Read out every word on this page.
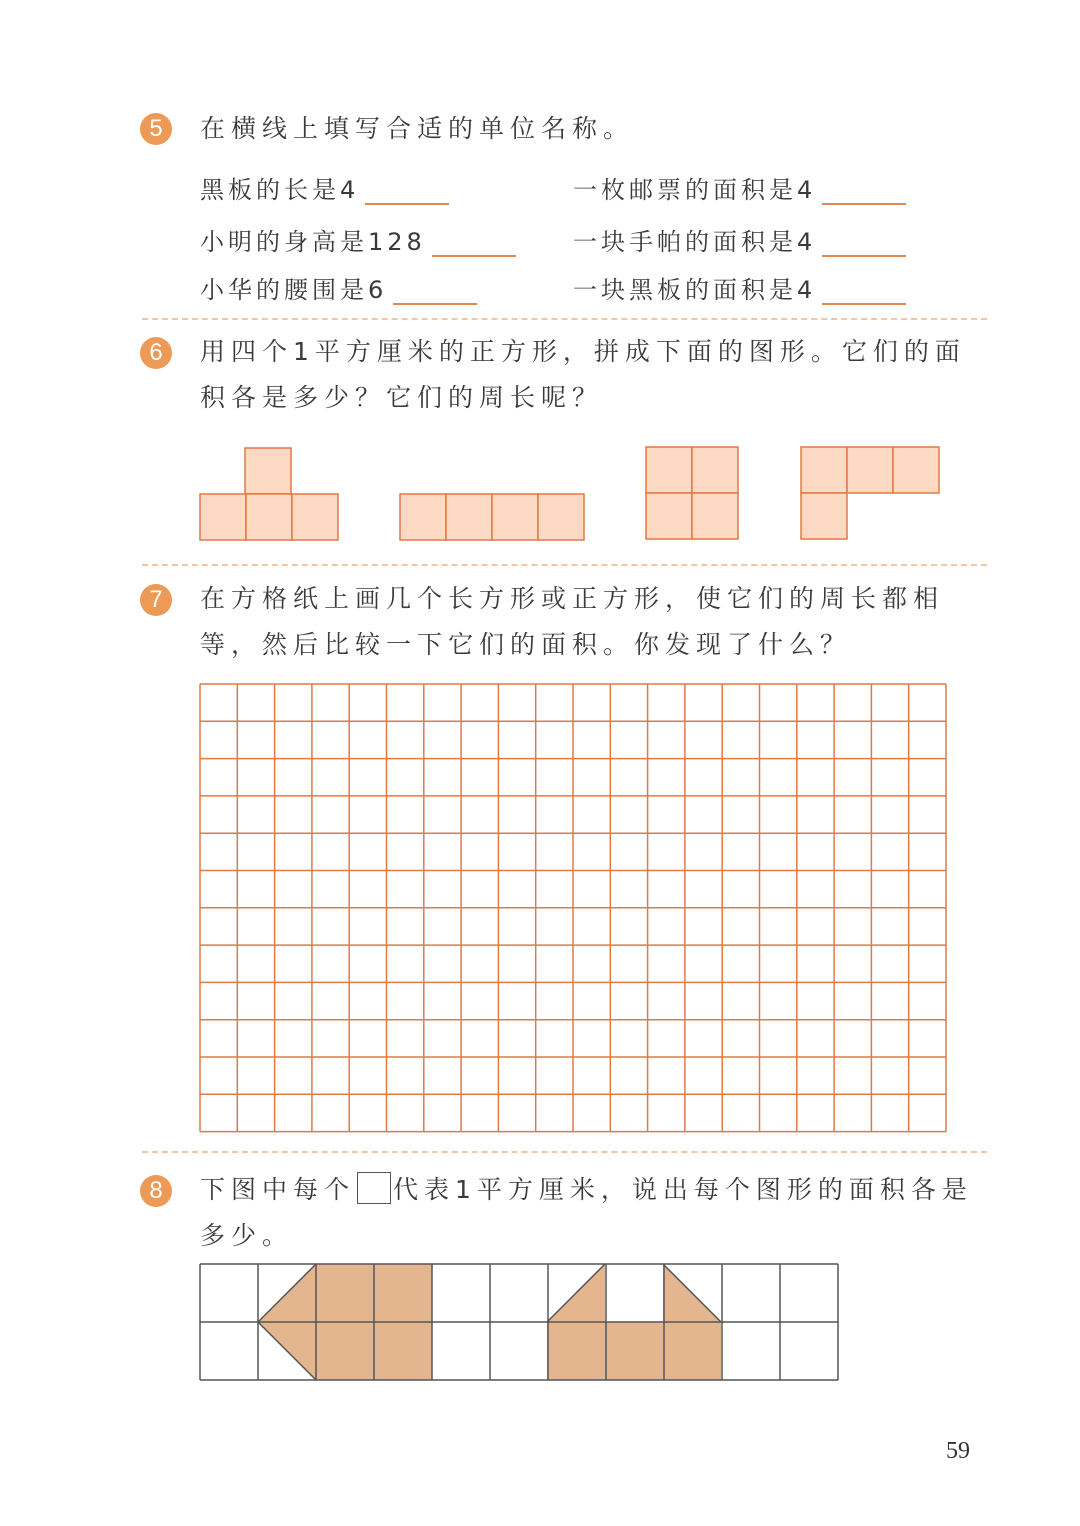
5	在横线上填写合适的单位名称。

黑板的长是4	一枚邮票的面积是4
小明的身高是128	一块手帕的面积是4
小华的腰围是6	一块黑板的面积是4
6	用四个1平方厘米的正方形，拼成下面的图形。它们的面积各是多少？它们的周长呢？

7	在方格纸上画几个长方形或正方形，使它们的周长都相等，然后比较一下它们的面积。你发现了什么？

8	下图中每个 代表1平方厘米，说出每个图形的面积各是多少。

59
